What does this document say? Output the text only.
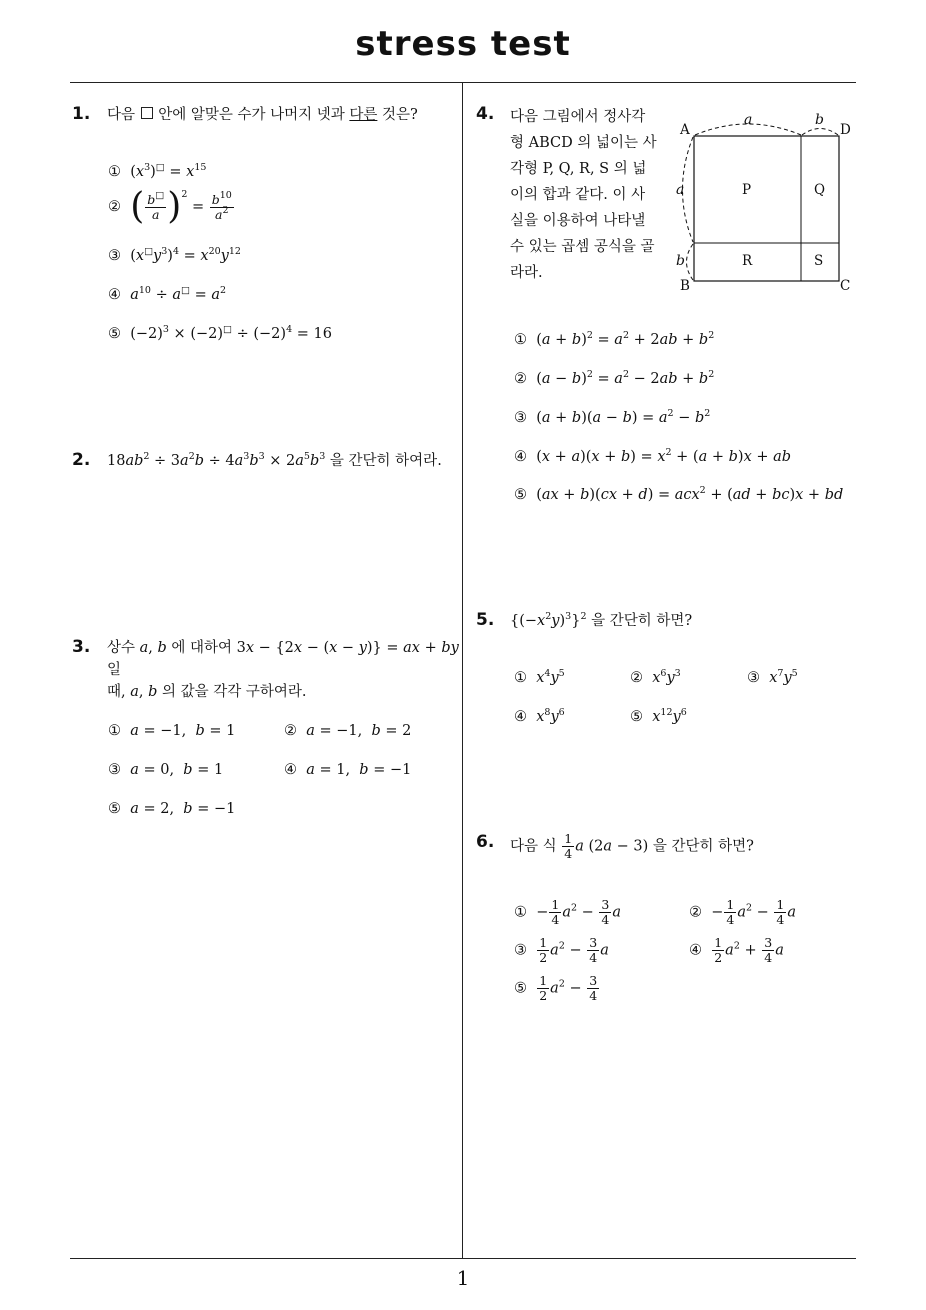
stress test
1
1. 다음  안에 알맞은 수가 나머지 넷과 다른 것은?
①  $(x^3)^□ = x^{15}$
②  ( $\frac{b^□}{a} )^2 = \frac{b^{10}}{a^2}$
③  $(x^□y^3)^4 = x^{20}y^{12}$
④  $a^{10} \div a^□ = a^2$
⑤  $(-2)^3 \times (-2)^□ \div (-2)^4 = 16$
2. $18ab^2 \div 3a^2b \div 4a^3b^3 \times 2a^5b^3$ 을 간단히 하여라.
3. 상수 a, b 에 대하여 3x − {2x − (x − y)} = ax + by 일
때, a, b 의 값을 각각 구하여라.
①  a = −1,  b = 1	②  a = −1,  b = 2
③  a = 0,  b = 1	④  a = 1,  b = −1
⑤  a = 2,  b = −1
4. 다음 그림에서 정사각
형 ABCD 의 넓이는 사
각형 P, Q, R, S 의 넓
이의 합과 같다. 이 사
실을 이용하여 나타낼
수 있는 곱셈 공식을 골
라라.
A
B	C
D
P	Q
R	S
a	b
a
b
①  $(a + b)^2 = a^2 + 2ab + b^2$
②  $(a - b)^2 = a^2 - 2ab + b^2$
③  $(a + b)(a - b) = a^2 - b^2$
④  $(x + a)(x + b) = x^2 + (a + b)x$ + ab
⑤  (ax + b)(cx + d) = acx$^2$ + (ad + bc)x + bd
5. $\{(-x^2y)^3\}^2$ 을 간단히 하면?
①  $x^4y^5$	②  $x^6y^3$	③  $x^7y^5$
④  $x^8y^6$	⑤  $x^{12}y^6$
6. 다음 식 $\frac{1}{4}$ a (2a − 3) 을 간단히 하면?
①  − $\frac{1}{4} a^2 - \frac{3}{4}$ a	②  − $\frac{1}{4} a^2 - \frac{1}{4}$ a
③ $\frac{1}{2} a^2 - \frac{3}{4}$ a	④ $\frac{1}{2} a^2 + \frac{3}{4}$ a
⑤ $\frac{1}{2} a^2 - \frac{3}{4}$
